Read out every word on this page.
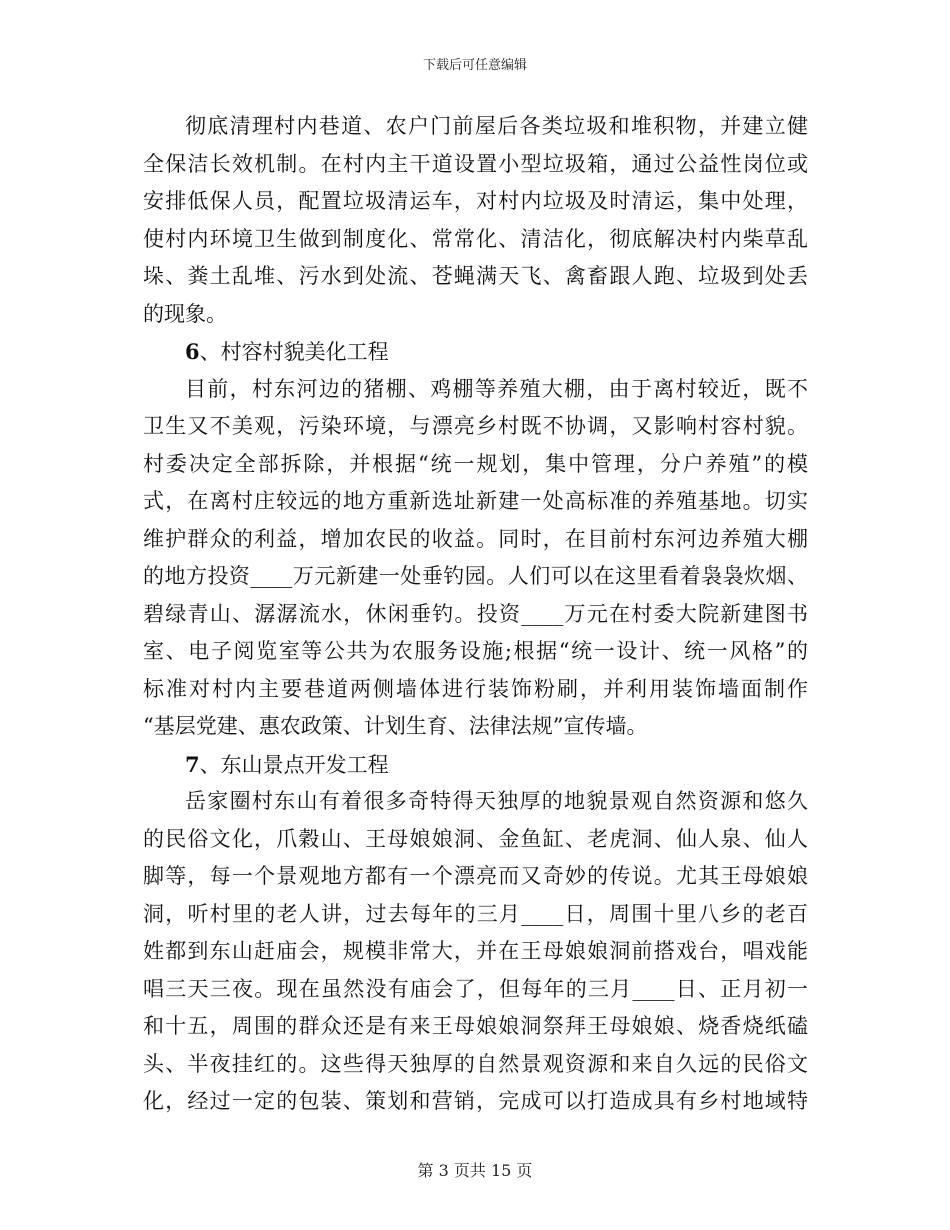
下载后可任意编辑
彻底清理村内巷道、农户门前屋后各类垃圾和堆积物，并建立健
全保洁长效机制。在村内主干道设置小型垃圾箱，通过公益性岗位或
安排低保人员，配置垃圾清运车，对村内垃圾及时清运，集中处理，
使村内环境卫生做到制度化、常常化、清洁化，彻底解决村内柴草乱
垛、粪土乱堆、污水到处流、苍蝇满天飞、禽畜跟人跑、垃圾到处丢
的现象。
6、村容村貌美化工程
目前，村东河边的猪棚、鸡棚等养殖大棚，由于离村较近，既不
卫生又不美观，污染环境，与漂亮乡村既不协调，又影响村容村貌。
村委决定全部拆除，并根据“统一规划，集中管理，分户养殖”的模
式，在离村庄较远的地方重新选址新建一处高标准的养殖基地。切实
维护群众的利益，增加农民的收益。同时，在目前村东河边养殖大棚
的地方投资____万元新建一处垂钓园。人们可以在这里看着袅袅炊烟、
碧绿青山、潺潺流水，休闲垂钓。投资____万元在村委大院新建图书
室、电子阅览室等公共为农服务设施;根据“统一设计、统一风格”的
标准对村内主要巷道两侧墙体进行装饰粉刷，并利用装饰墙面制作
“基层党建、惠农政策、计划生育、法律法规”宣传墙。
7、东山景点开发工程
岳家圈村东山有着很多奇特得天独厚的地貌景观自然资源和悠久
的民俗文化，爪穀山、王母娘娘洞、金鱼缸、老虎洞、仙人泉、仙人
脚等，每一个景观地方都有一个漂亮而又奇妙的传说。尤其王母娘娘
洞，听村里的老人讲，过去每年的三月____日，周围十里八乡的老百
姓都到东山赶庙会，规模非常大，并在王母娘娘洞前搭戏台，唱戏能
唱三天三夜。现在虽然没有庙会了，但每年的三月____日、正月初一
和十五，周围的群众还是有来王母娘娘洞祭拜王母娘娘、烧香烧纸磕
头、半夜挂红的。这些得天独厚的自然景观资源和来自久远的民俗文
化，经过一定的包装、策划和营销，完成可以打造成具有乡村地域特
第 3 页共 15 页
